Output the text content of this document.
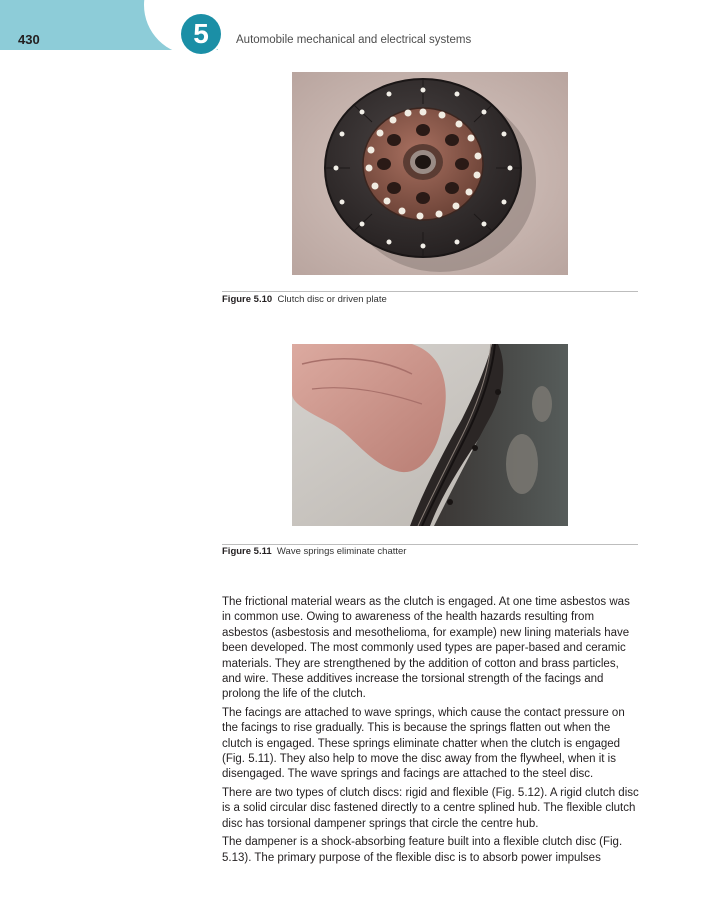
5
430	Automobile mechanical and electrical systems
Figure 5.10 Clutch disc or driven plate
Figure 5.11 Wave springs eliminate chatter

The frictional material wears as the clutch is engaged. At one time asbestos was in common use. Owing to awareness of the health hazards resulting from asbestos (asbestosis and mesothelioma, for example) new lining materials have been developed. The most commonly used types are paper-based and ceramic materials. They are strengthened by the addition of cotton and brass particles, and wire. These additives increase the torsional strength of the facings and prolong the life of the clutch.

The facings are attached to wave springs, which cause the contact pressure on the facings to rise gradually. This is because the springs flatten out when the clutch is engaged. These springs eliminate chatter when the clutch is engaged (Fig. 5.11). They also help to move the disc away from the flywheel, when it is disengaged. The wave springs and facings are attached to the steel disc.

There are two types of clutch discs: rigid and flexible (Fig. 5.12). A rigid clutch disc is a solid circular disc fastened directly to a centre splined hub. The flexible clutch disc has torsional dampener springs that circle the centre hub.

The dampener is a shock-absorbing feature built into a flexible clutch disc (Fig. 5.13). The primary purpose of the flexible disc is to absorb power impulses
